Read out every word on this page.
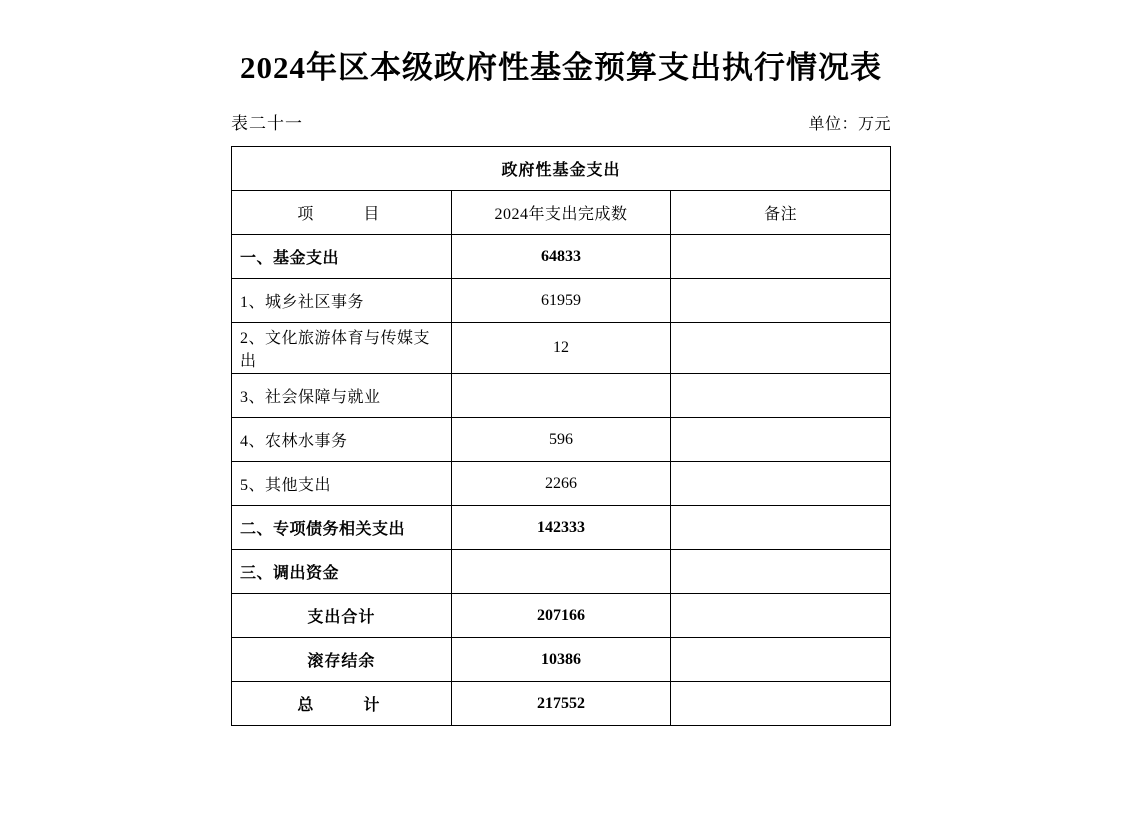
2024年区本级政府性基金预算支出执行情况表
表二十一	单位：万元
政府性基金支出		
项　　目	2024年支出完成数	备注
一、基金支出	64833	
1、城乡社区事务	61959	
2、文化旅游体育与传媒支出	12	
3、社会保障与就业		
4、农林水事务	596	
5、其他支出	2266	
二、专项债务相关支出	142333	
三、调出资金		
支出合计	207166	
滚存结余	10386	
总　　计	217552	
